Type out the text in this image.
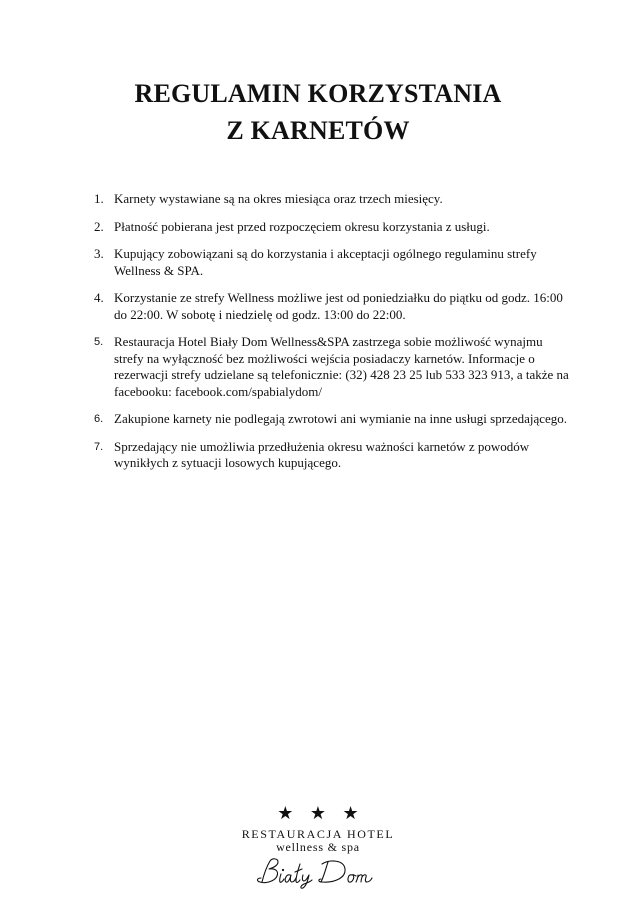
REGULAMIN KORZYSTANIA
Z KARNETÓW
1. Karnety wystawiane są na okres miesiąca oraz trzech miesięcy.
2. Płatność pobierana jest przed rozpoczęciem okresu korzystania z usługi.
3. Kupujący zobowiązani są do korzystania i akceptacji ogólnego regulaminu strefy Wellness & SPA.
4. Korzystanie ze strefy Wellness możliwe jest od poniedziałku do piątku od godz. 16:00 do 22:00. W sobotę i niedzielę od godz. 13:00 do 22:00.
5. Restauracja Hotel Biały Dom Wellness&SPA zastrzega sobie możliwość wynajmu strefy na wyłączność bez możliwości wejścia posiadaczy karnetów. Informacje o rezerwacji strefy udzielane są telefonicznie: (32) 428 23 25 lub 533 323 913, a także na facebooku: facebook.com/spabialydom/
6. Zakupione karnety nie podlegają zwrotowi ani wymianie na inne usługi sprzedającego.
7. Sprzedający nie umożliwia przedłużenia okresu ważności karnetów z powodów wynikłych z sytuacji losowych kupującego.
★ ★ ★
RESTAURACJA HOTEL
wellness & spa
